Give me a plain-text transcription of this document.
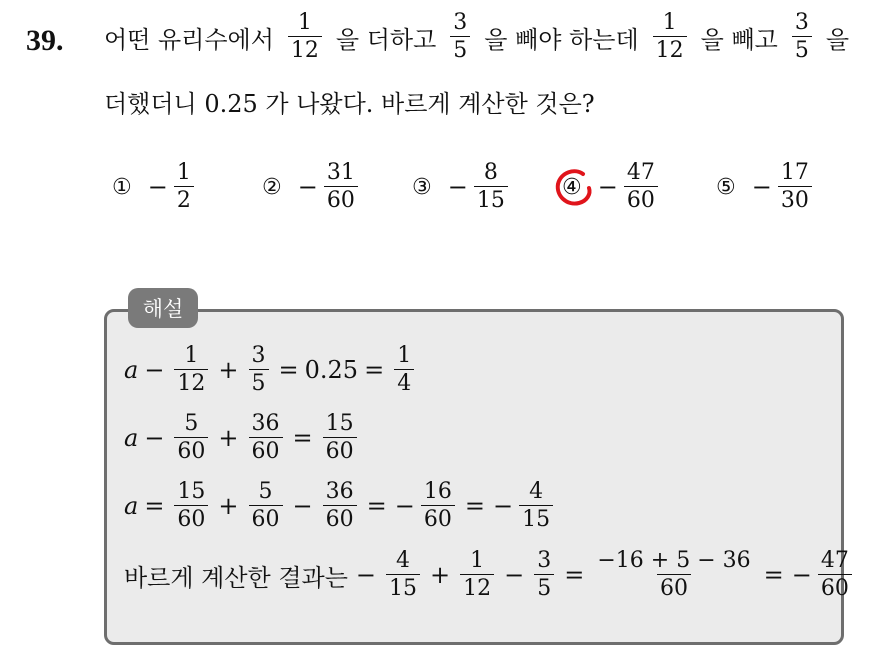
39. 어떤 유리수에서 $\frac{1}{12}$ 을 더하고 $\frac{3}{5}$ 을 빼야 하는데 $\frac{1}{12}$ 을 빼고 $\frac{3}{5}$ 을
더했더니 0.25 가 나왔다. 바르게 계산한 것은?
① − $\frac{1}{2}$	② − $\frac{31}{60}$ ③ − $\frac{8}{15}$ ④ − $\frac{47}{60}$	⑤ − $\frac{17}{30}$
해설
$a - \frac{1}{12} + \frac{3}{5} = 0.25 = \frac{1}{4}$
$a - \frac{5}{60} + \frac{36}{60} = \frac{15}{60}$
$a = \frac{15}{60} + \frac{5}{60} - \frac{36}{60}$ = − $\frac{16}{60}$ = − $\frac{4}{15}$
바르게 계산한 결과는 − $\frac{4}{15} + \frac{1}{12} - \frac{3}{5} = \frac{-16 + 5 - 36}{60}$ = − $\frac{47}{60}$
